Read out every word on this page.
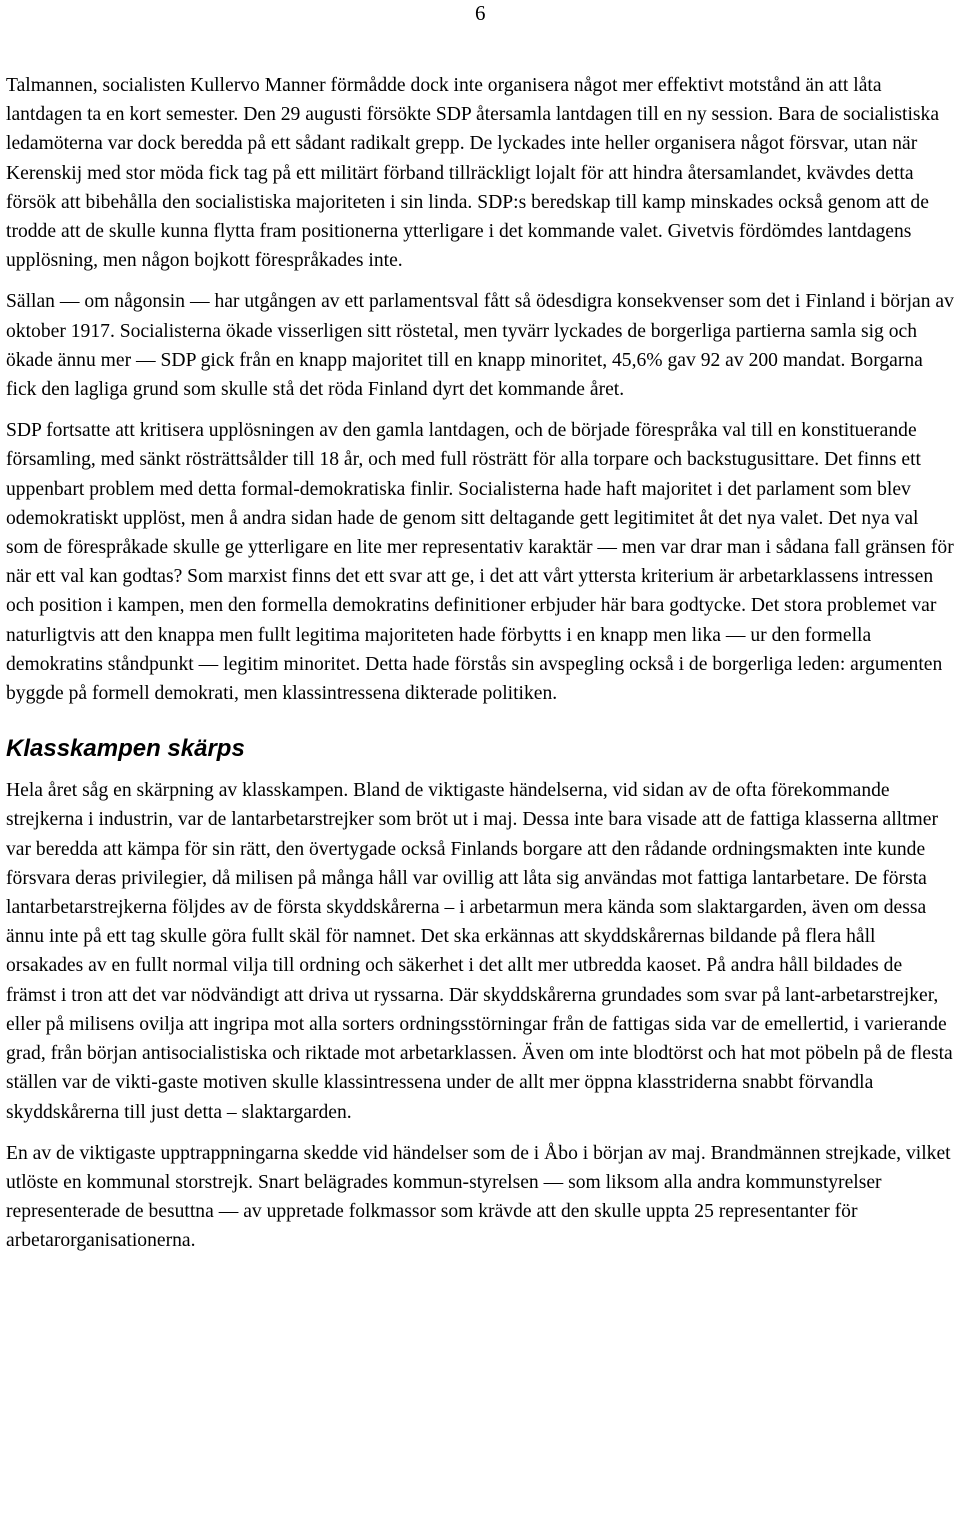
6

Talmannen, socialisten Kullervo Manner förmådde dock inte organisera något mer effektivt motstånd än att låta lantdagen ta en kort semester. Den 29 augusti försökte SDP återsamla lantdagen till en ny session. Bara de socialistiska ledamöterna var dock beredda på ett sådant radikalt grepp. De lyckades inte heller organisera något försvar, utan när Kerenskij med stor möda fick tag på ett militärt förband tillräckligt lojalt för att hindra återsamlandet, kvävdes detta försök att bibehålla den socialistiska majoriteten i sin linda. SDP:s beredskap till kamp minskades också genom att de trodde att de skulle kunna flytta fram positionerna ytterligare i det kommande valet. Givetvis fördömdes lantdagens upplösning, men någon bojkott förespråkades inte.

Sällan — om någonsin — har utgången av ett parlamentsval fått så ödesdigra konsekvenser som det i Finland i början av oktober 1917. Socialisterna ökade visserligen sitt röstetal, men tyvärr lyckades de borgerliga partierna samla sig och ökade ännu mer — SDP gick från en knapp majoritet till en knapp minoritet, 45,6% gav 92 av 200 mandat. Borgarna fick den lagliga grund som skulle stå det röda Finland dyrt det kommande året.

SDP fortsatte att kritisera upplösningen av den gamla lantdagen, och de började förespråka val till en konstituerande församling, med sänkt rösträttsålder till 18 år, och med full rösträtt för alla torpare och backstugusittare. Det finns ett uppenbart problem med detta formal-demokratiska finlir. Socialisterna hade haft majoritet i det parlament som blev odemokratiskt upplöst, men å andra sidan hade de genom sitt deltagande gett legitimitet åt det nya valet. Det nya val som de förespråkade skulle ge ytterligare en lite mer representativ karaktär — men var drar man i sådana fall gränsen för när ett val kan godtas? Som marxist finns det ett svar att ge, i det att vårt yttersta kriterium är arbetarklassens intressen och position i kampen, men den formella demokratins definitioner erbjuder här bara godtycke. Det stora problemet var naturligtvis att den knappa men fullt legitima majoriteten hade förbytts i en knapp men lika — ur den formella demokratins ståndpunkt — legitim minoritet. Detta hade förstås sin avspegling också i de borgerliga leden: argumenten byggde på formell demokrati, men klassintressena dikterade politiken.

Klasskampen skärps

Hela året såg en skärpning av klasskampen. Bland de viktigaste händelserna, vid sidan av de ofta förekommande strejkerna i industrin, var de lantarbetarstrejker som bröt ut i maj. Dessa inte bara visade att de fattiga klasserna alltmer var beredda att kämpa för sin rätt, den övertygade också Finlands borgare att den rådande ordningsmakten inte kunde försvara deras privilegier, då milisen på många håll var ovillig att låta sig användas mot fattiga lantarbetare. De första lantarbetarstrejkerna följdes av de första skyddskårerna – i arbetarmun mera kända som slaktargarden, även om dessa ännu inte på ett tag skulle göra fullt skäl för namnet. Det ska erkännas att skyddskårernas bildande på flera håll orsakades av en fullt normal vilja till ordning och säkerhet i det allt mer utbredda kaoset. På andra håll bildades de främst i tron att det var nödvändigt att driva ut ryssarna. Där skyddskårerna grundades som svar på lant-arbetarstrejker, eller på milisens ovilja att ingripa mot alla sorters ordningsstörningar från de fattigas sida var de emellertid, i varierande grad, från början antisocialistiska och riktade mot arbetarklassen. Även om inte blodtörst och hat mot pöbeln på de flesta ställen var de vikti-gaste motiven skulle klassintressena under de allt mer öppna klasstriderna snabbt förvandla skyddskårerna till just detta – slaktargarden.

En av de viktigaste upptrappningarna skedde vid händelser som de i Åbo i början av maj. Brandmännen strejkade, vilket utlöste en kommunal storstrejk. Snart belägrades kommun-styrelsen — som liksom alla andra kommunstyrelser representerade de besuttna — av uppretade folkmassor som krävde att den skulle uppta 25 representanter för arbetarorganisationerna.
